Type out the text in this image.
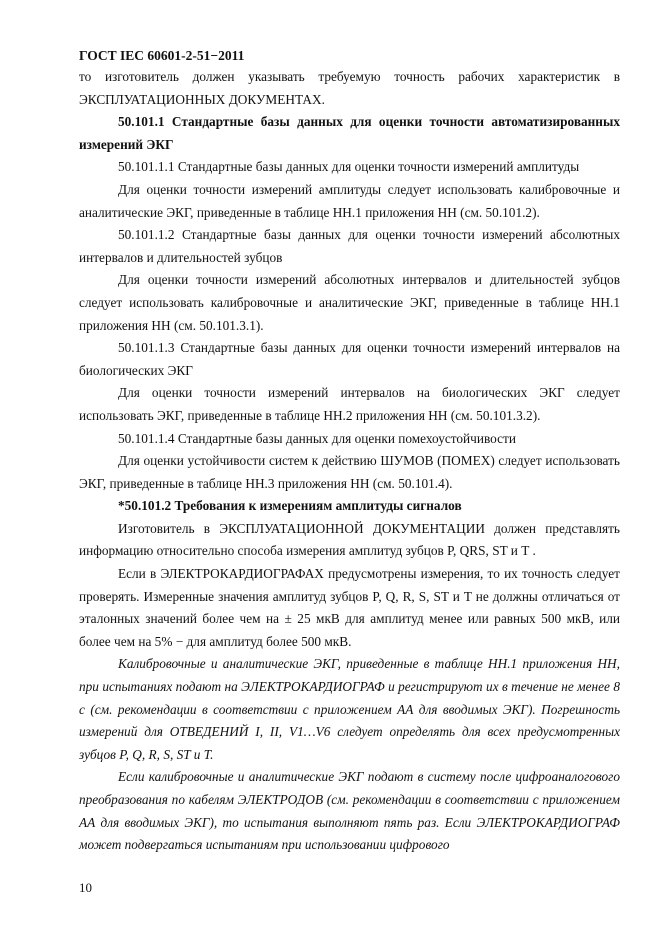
ГОСТ IEC 60601-2-51−2011

то изготовитель должен указывать требуемую точность рабочих характеристик в ЭКСПЛУАТАЦИОННЫХ ДОКУМЕНТАХ.

50.101.1 Стандартные базы данных для оценки точности автоматизированных измерений ЭКГ

50.101.1.1 Стандартные базы данных для оценки точности измерений амплитуды

Для оценки точности измерений амплитуды следует использовать калибровочные и аналитические ЭКГ, приведенные в таблице НН.1 приложения НН (см. 50.101.2).

50.101.1.2 Стандартные базы данных для оценки точности измерений абсолютных интервалов и длительностей зубцов

Для оценки точности измерений абсолютных интервалов и длительностей зубцов следует использовать калибровочные и аналитические ЭКГ, приведенные в таблице НН.1 приложения НН (см. 50.101.3.1).

50.101.1.3 Стандартные базы данных для оценки точности измерений интервалов на биологических ЭКГ

Для оценки точности измерений интервалов на биологических ЭКГ следует использовать ЭКГ, приведенные в таблице НН.2 приложения НН (см. 50.101.3.2).

50.101.1.4 Стандартные базы данных для оценки помехоустойчивости

Для оценки устойчивости систем к действию ШУМОВ (ПОМЕХ) следует использовать ЭКГ, приведенные в таблице НН.3 приложения НН (см. 50.101.4).

*50.101.2 Требования к измерениям амплитуды сигналов

Изготовитель в ЭКСПЛУАТАЦИОННОЙ ДОКУМЕНТАЦИИ должен представлять информацию относительно способа измерения амплитуд зубцов P, QRS, ST и T .

Если в ЭЛЕКТРОКАРДИОГРАФАХ предусмотрены измерения, то их точность следует проверять. Измеренные значения амплитуд зубцов P, Q, R, S, ST и T не должны отличаться от эталонных значений более чем на ± 25 мкВ для амплитуд менее или равных 500 мкВ, или более чем на 5% − для амплитуд более 500 мкВ.

Калибровочные и аналитические ЭКГ, приведенные в таблице НН.1 приложения НН, при испытаниях подают на ЭЛЕКТРОКАРДИОГРАФ и регистрируют их в течение не менее 8 с (см. рекомендации в соответствии с приложением АА для вводимых ЭКГ). Погрешность измерений для ОТВЕДЕНИЙ I, II, V1…V6 следует определять для всех предусмотренных зубцов P, Q, R, S, ST и T.

Если калибровочные и аналитические ЭКГ подают в систему после цифроаналогового преобразования по кабелям ЭЛЕКТРОДОВ (см. рекомендации в соответствии с приложением АА для вводимых ЭКГ), то испытания выполняют пять раз. Если ЭЛЕКТРОКАРДИОГРАФ может подвергаться испытаниям при использовании цифрового

10
